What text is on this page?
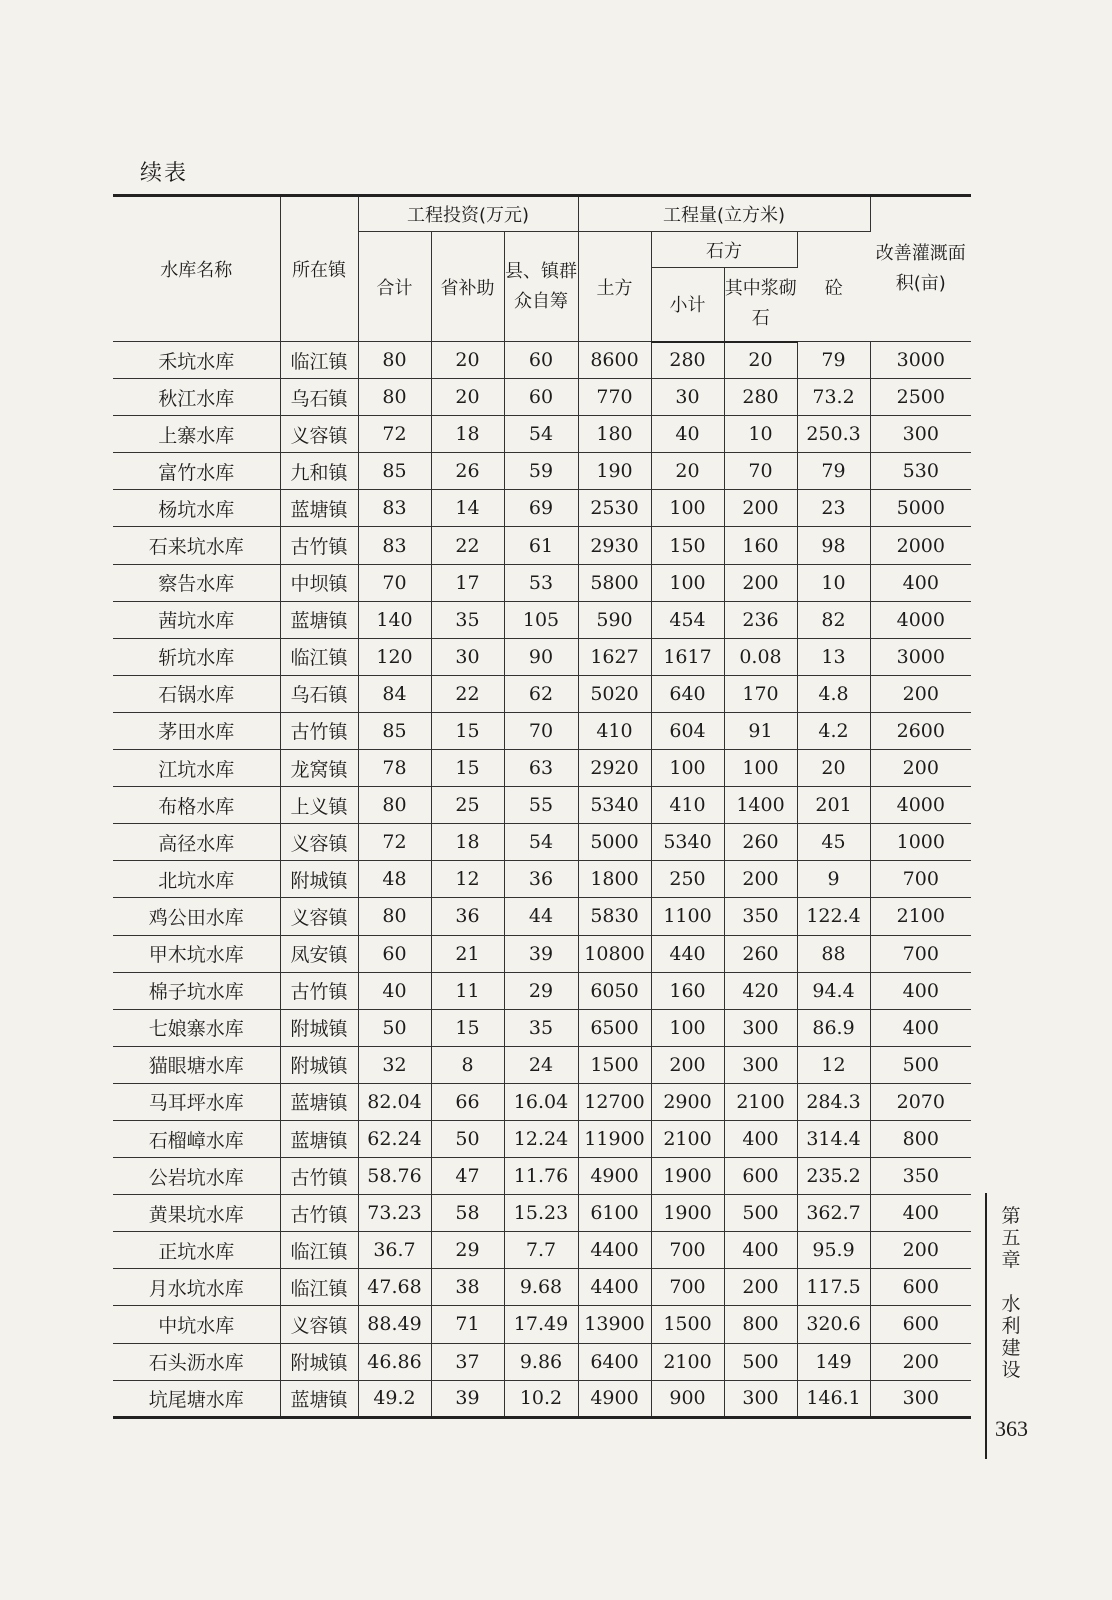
续表
水库名称	所在镇	工程投资(万元)			工程量(立方米)				改善灌溉面积(亩)
		合计	省补助	县、镇群众自筹	土方	石方		砼	
						小计	其中浆砌石		
禾坑水库	临江镇	80	20	60	8600	280	20	79	3000
秋江水库	乌石镇	80	20	60	770	30	280	73.2	2500
上寨水库	义容镇	72	18	54	180	40	10	250.3	300
富竹水库	九和镇	85	26	59	190	20	70	79	530
杨坑水库	蓝塘镇	83	14	69	2530	100	200	23	5000
石来坑水库	古竹镇	83	22	61	2930	150	160	98	2000
察告水库	中坝镇	70	17	53	5800	100	200	10	400
茜坑水库	蓝塘镇	140	35	105	590	454	236	82	4000
斩坑水库	临江镇	120	30	90	1627	1617	0.08	13	3000
石锅水库	乌石镇	84	22	62	5020	640	170	4.8	200
茅田水库	古竹镇	85	15	70	410	604	91	4.2	2600
江坑水库	龙窝镇	78	15	63	2920	100	100	20	200
布格水库	上义镇	80	25	55	5340	410	1400	201	4000
高径水库	义容镇	72	18	54	5000	5340	260	45	1000
北坑水库	附城镇	48	12	36	1800	250	200	9	700
鸡公田水库	义容镇	80	36	44	5830	1100	350	122.4	2100
甲木坑水库	凤安镇	60	21	39	10800	440	260	88	700
棉子坑水库	古竹镇	40	11	29	6050	160	420	94.4	400
七娘寨水库	附城镇	50	15	35	6500	100	300	86.9	400
猫眼塘水库	附城镇	32	8	24	1500	200	300	12	500
马耳坪水库	蓝塘镇	82.04	66	16.04	12700	2900	2100	284.3	2070
石榴嶂水库	蓝塘镇	62.24	50	12.24	11900	2100	400	314.4	800
公岩坑水库	古竹镇	58.76	47	11.76	4900	1900	600	235.2	350
黄果坑水库	古竹镇	73.23	58	15.23	6100	1900	500	362.7	400
正坑水库	临江镇	36.7	29	7.7	4400	700	400	95.9	200
月水坑水库	临江镇	47.68	38	9.68	4400	700	200	117.5	600
中坑水库	义容镇	88.49	71	17.49	13900	1500	800	320.6	600
石头沥水库	附城镇	46.86	37	9.86	6400	2100	500	149	200
坑尾塘水库	蓝塘镇	49.2	39	10.2	4900	900	300	146.1	300
第五章
水利建设
363
